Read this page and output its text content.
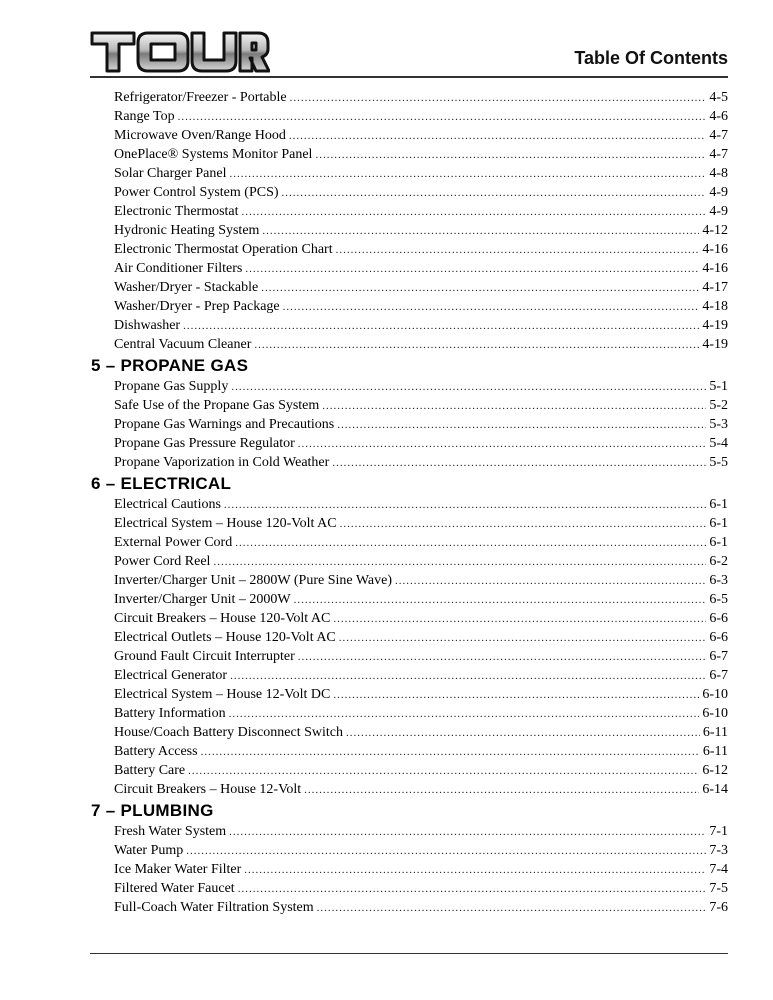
Table Of Contents
Refrigerator/Freezer - Portable .....	4-5
Range Top .....	4-6
Microwave Oven/Range Hood .....	4-7
OnePlace® Systems Monitor Panel .....	4-7
Solar Charger Panel .....	4-8
Power Control System (PCS) .....	4-9
Electronic Thermostat .....	4-9
Hydronic Heating System .....	4-12
Electronic Thermostat Operation Chart .....	4-16
Air Conditioner Filters .....	4-16
Washer/Dryer - Stackable .....	4-17
Washer/Dryer - Prep Package .....	4-18
Dishwasher .....	4-19
Central Vacuum Cleaner .....	4-19
5 – PROPANE GAS
Propane Gas Supply .....	5-1
Safe Use of the Propane Gas System .....	5-2
Propane Gas Warnings and Precautions .....	5-3
Propane Gas Pressure Regulator .....	5-4
Propane Vaporization in Cold Weather .....	5-5
6 – ELECTRICAL
Electrical Cautions .....	6-1
Electrical System – House 120-Volt AC .....	6-1
External Power Cord .....	6-1
Power Cord Reel .....	6-2
Inverter/Charger Unit – 2800W (Pure Sine Wave) .....	6-3
Inverter/Charger Unit – 2000W .....	6-5
Circuit Breakers – House 120-Volt AC .....	6-6
Electrical Outlets – House 120-Volt AC .....	6-6
Ground Fault Circuit Interrupter .....	6-7
Electrical Generator .....	6-7
Electrical System – House 12-Volt DC .....	6-10
Battery Information .....	6-10
House/Coach Battery Disconnect Switch .....	6-11
Battery Access .....	6-11
Battery Care .....	6-12
Circuit Breakers – House 12-Volt .....	6-14
7 – PLUMBING
Fresh Water System .....	7-1
Water Pump .....	7-3
Ice Maker Water Filter .....	7-4
Filtered Water Faucet .....	7-5
Full-Coach Water Filtration System .....	7-6
